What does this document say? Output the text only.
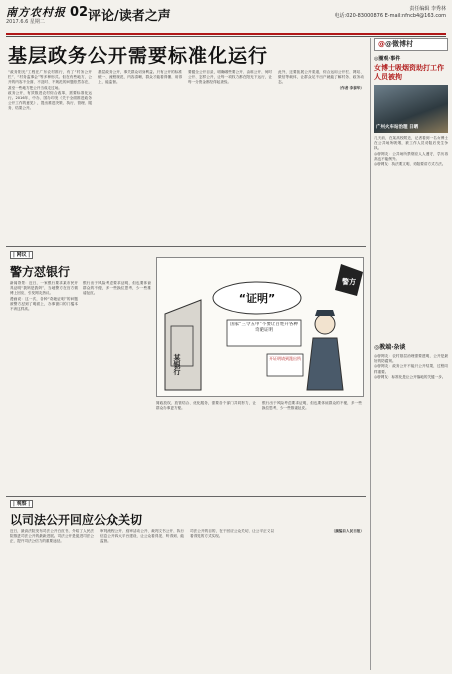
南方农村报
2017.6.6 星期二
02 评论/读者之声	责任编辑 李秀林
电话:020-83000876 E-mail:nfncb4@163.com
基层政务公开需要标准化运行

“政务阳光”工程在广东农村推行，有了“村务公开栏”、“村务监事会”等多种形式。但在有些地方，公开的内容不全面、不及时、不规范的问题依然存在，甚至一些地方把公开当成走过场。

政务公开，有效推进农村综合改革，需要标准化运行。2016年，中办、国办印发《关于全面推进政务公开工作的意见》，提出推进决策、执行、管理、服务、结果公开。

基层政务公开，事关群众切身利益。只有公开的标准统一、流程规范、内容清晰，群众才能看得懂、用得上、能监督。

要健全公开目录，明确哪些要公开、由谁公开、何时公开、怎样公开，让每一项权力都在阳光下运行，让每一分资金都经得起查验。

此外，还要拓展公开渠道，综合运用公开栏、网站、微信等载体，让群众足不出户就能了解村务、政务动态。

（作者 李泰华）

@@微博村
◎圈观·事件
女博士吸烟资助打工作人员被拘
广州火车站治理 日晒

几天前，在某高校附近，记者看到一名女博士在公共场所吸烟，被工作人员劝阻后发生争执。

◎@网友：公共场所禁烟应人人遵守，学历再高也不能例外。

◎@网友：执法要文明，劝阻要讲方式方法。

◎教端·杂谈

◎@网友：农村基层治理需要透明，公开是最好的防腐剂。

◎@网友：政务公开不能只公开结果，过程同样重要。

◎@网友：标准化是让公开落地的关键一步。

| 网议 |
警方怼银行

新闻背景：近日，一家银行要求某市民开具证明“我妈是我妈”，当地警方在官方微博上回应，引发网友热议。

漫画说：这一次，各种“奇葩证明”的问题被警方怼到了明面上，办事窗口的门槛本不该这样高。

银行出于风险考虑要求证明，但也要体谅群众的不便，多一些换位思考，少一些推诿扯皮。

某银行
“证明”
国家“三令五申”不要让百姓开各种奇葩证明
警方
开证明请到派出所

简政放权、放管结合、优化服务，需要各个部门共同努力，让群众办事更方便。

银行出于风险考虑要求证明，但也要体谅群众的不便，多一些换位思考，少一些推诿扯皮。

| 观察 |
以司法公开回应公众关切

近日，最高法院发布司法公开白皮书，介绍了人民法院推进司法公开的最新进展。司法公开是促进司法公正、提升司法公信力的重要途径。

审判流程公开、庭审活动公开、裁判文书公开、执行信息公开四大平台建设，让公众看得见、听得到、能监督。

司法公开的目的，在于回应公众关切，让公平正义以看得见的方式实现。

（摘编自人民日报）
